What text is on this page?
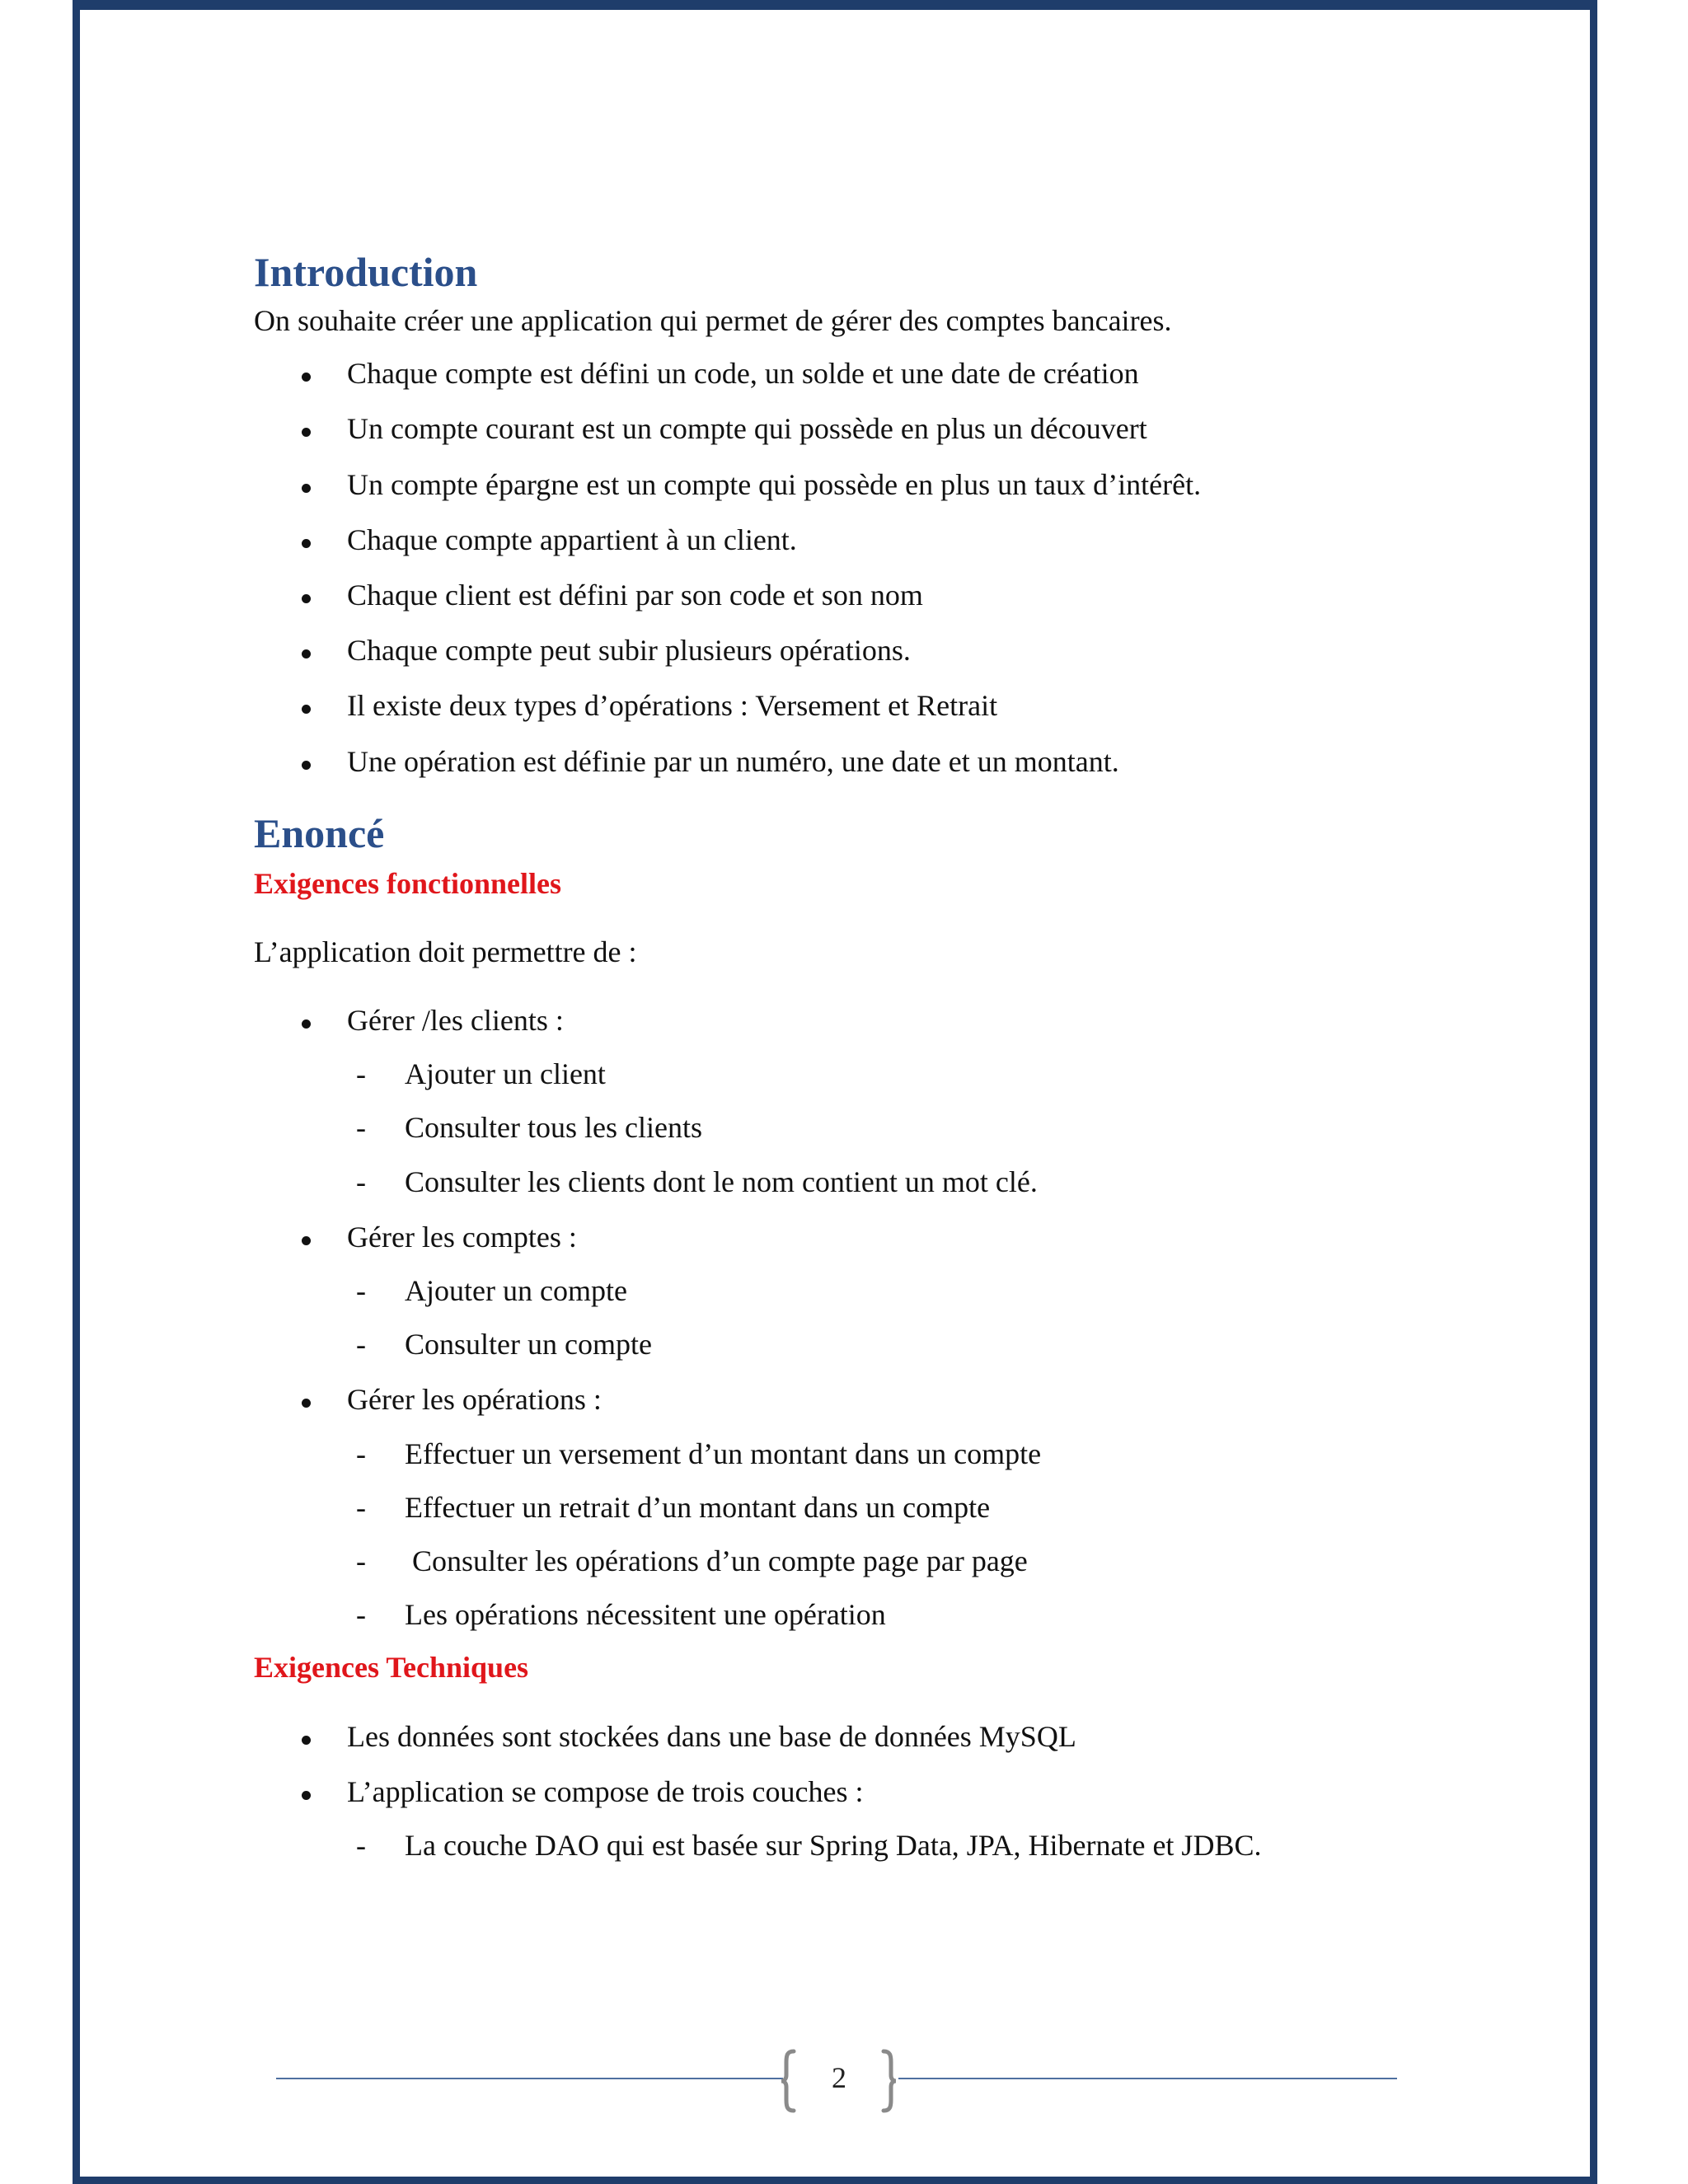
Introduction

On souhaite créer une application qui permet de gérer des comptes bancaires.

Chaque compte est défini un code, un solde et une date de création
Un compte courant est un compte qui possède en plus un découvert
Un compte épargne est un compte qui possède en plus un taux d’intérêt.
Chaque compte appartient à un client.
Chaque client est défini par son code et son nom
Chaque compte peut subir plusieurs opérations.
Il existe deux types d’opérations : Versement et Retrait
Une opération est définie par un numéro, une date et un montant.
Enoncé
Exigences fonctionnelles

L’application doit permettre de :

Gérer /les clients :
- Ajouter un client
- Consulter tous les clients
- Consulter les clients dont le nom contient un mot clé.
Gérer les comptes :
- Ajouter un compte
- Consulter un compte
Gérer les opérations :
- Effectuer un versement d’un montant dans un compte
- Effectuer un retrait d’un montant dans un compte
-  Consulter les opérations d’un compte page par page
- Les opérations nécessitent une opération
Exigences Techniques
Les données sont stockées dans une base de données MySQL
L’application se compose de trois couches :
- La couche DAO qui est basée sur Spring Data, JPA, Hibernate et JDBC.
2
